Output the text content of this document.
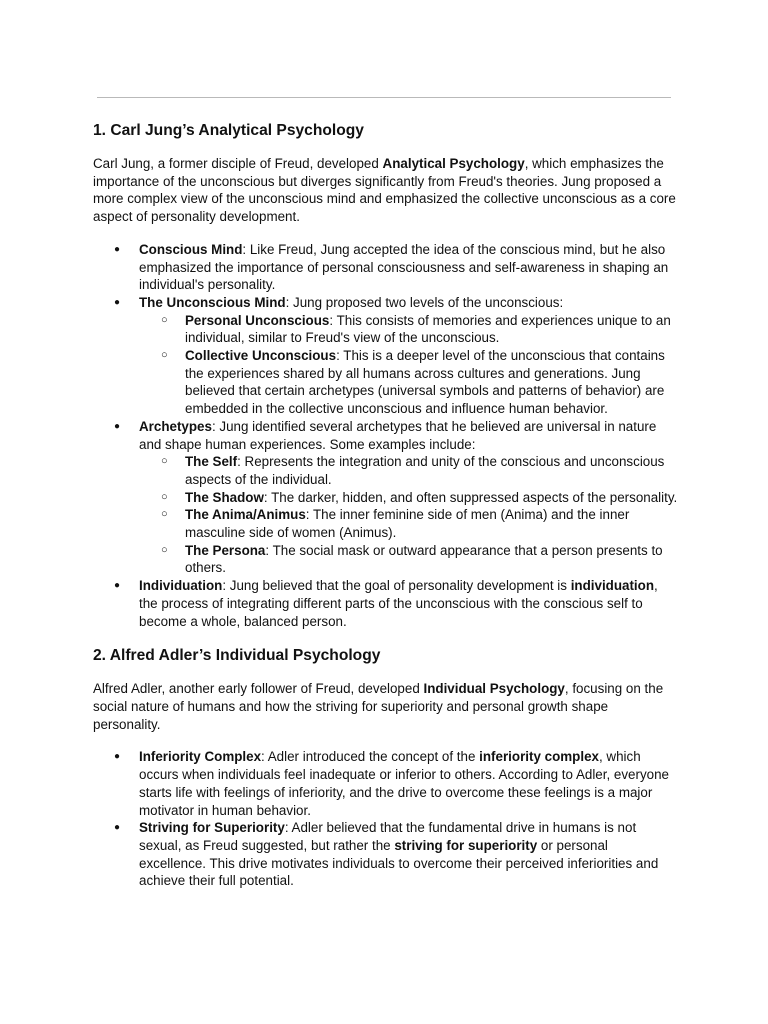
1. Carl Jung’s Analytical Psychology

Carl Jung, a former disciple of Freud, developed Analytical Psychology, which emphasizes the importance of the unconscious but diverges significantly from Freud's theories. Jung proposed a more complex view of the unconscious mind and emphasized the collective unconscious as a core aspect of personality development.

● Conscious Mind: Like Freud, Jung accepted the idea of the conscious mind, but he also emphasized the importance of personal consciousness and self-awareness in shaping an individual's personality.
● The Unconscious Mind: Jung proposed two levels of the unconscious:
○ Personal Unconscious: This consists of memories and experiences unique to an individual, similar to Freud's view of the unconscious.
○ Collective Unconscious: This is a deeper level of the unconscious that contains the experiences shared by all humans across cultures and generations. Jung believed that certain archetypes (universal symbols and patterns of behavior) are embedded in the collective unconscious and influence human behavior.
● Archetypes: Jung identified several archetypes that he believed are universal in nature and shape human experiences. Some examples include:
○ The Self: Represents the integration and unity of the conscious and unconscious aspects of the individual.
○ The Shadow: The darker, hidden, and often suppressed aspects of the personality.
○ The Anima/Animus: The inner feminine side of men (Anima) and the inner masculine side of women (Animus).
○ The Persona: The social mask or outward appearance that a person presents to others.
● Individuation: Jung believed that the goal of personality development is individuation, the process of integrating different parts of the unconscious with the conscious self to become a whole, balanced person.
2. Alfred Adler’s Individual Psychology

Alfred Adler, another early follower of Freud, developed Individual Psychology, focusing on the social nature of humans and how the striving for superiority and personal growth shape personality.

● Inferiority Complex: Adler introduced the concept of the inferiority complex, which occurs when individuals feel inadequate or inferior to others. According to Adler, everyone starts life with feelings of inferiority, and the drive to overcome these feelings is a major motivator in human behavior.
● Striving for Superiority: Adler believed that the fundamental drive in humans is not sexual, as Freud suggested, but rather the striving for superiority or personal excellence. This drive motivates individuals to overcome their perceived inferiorities and achieve their full potential.
